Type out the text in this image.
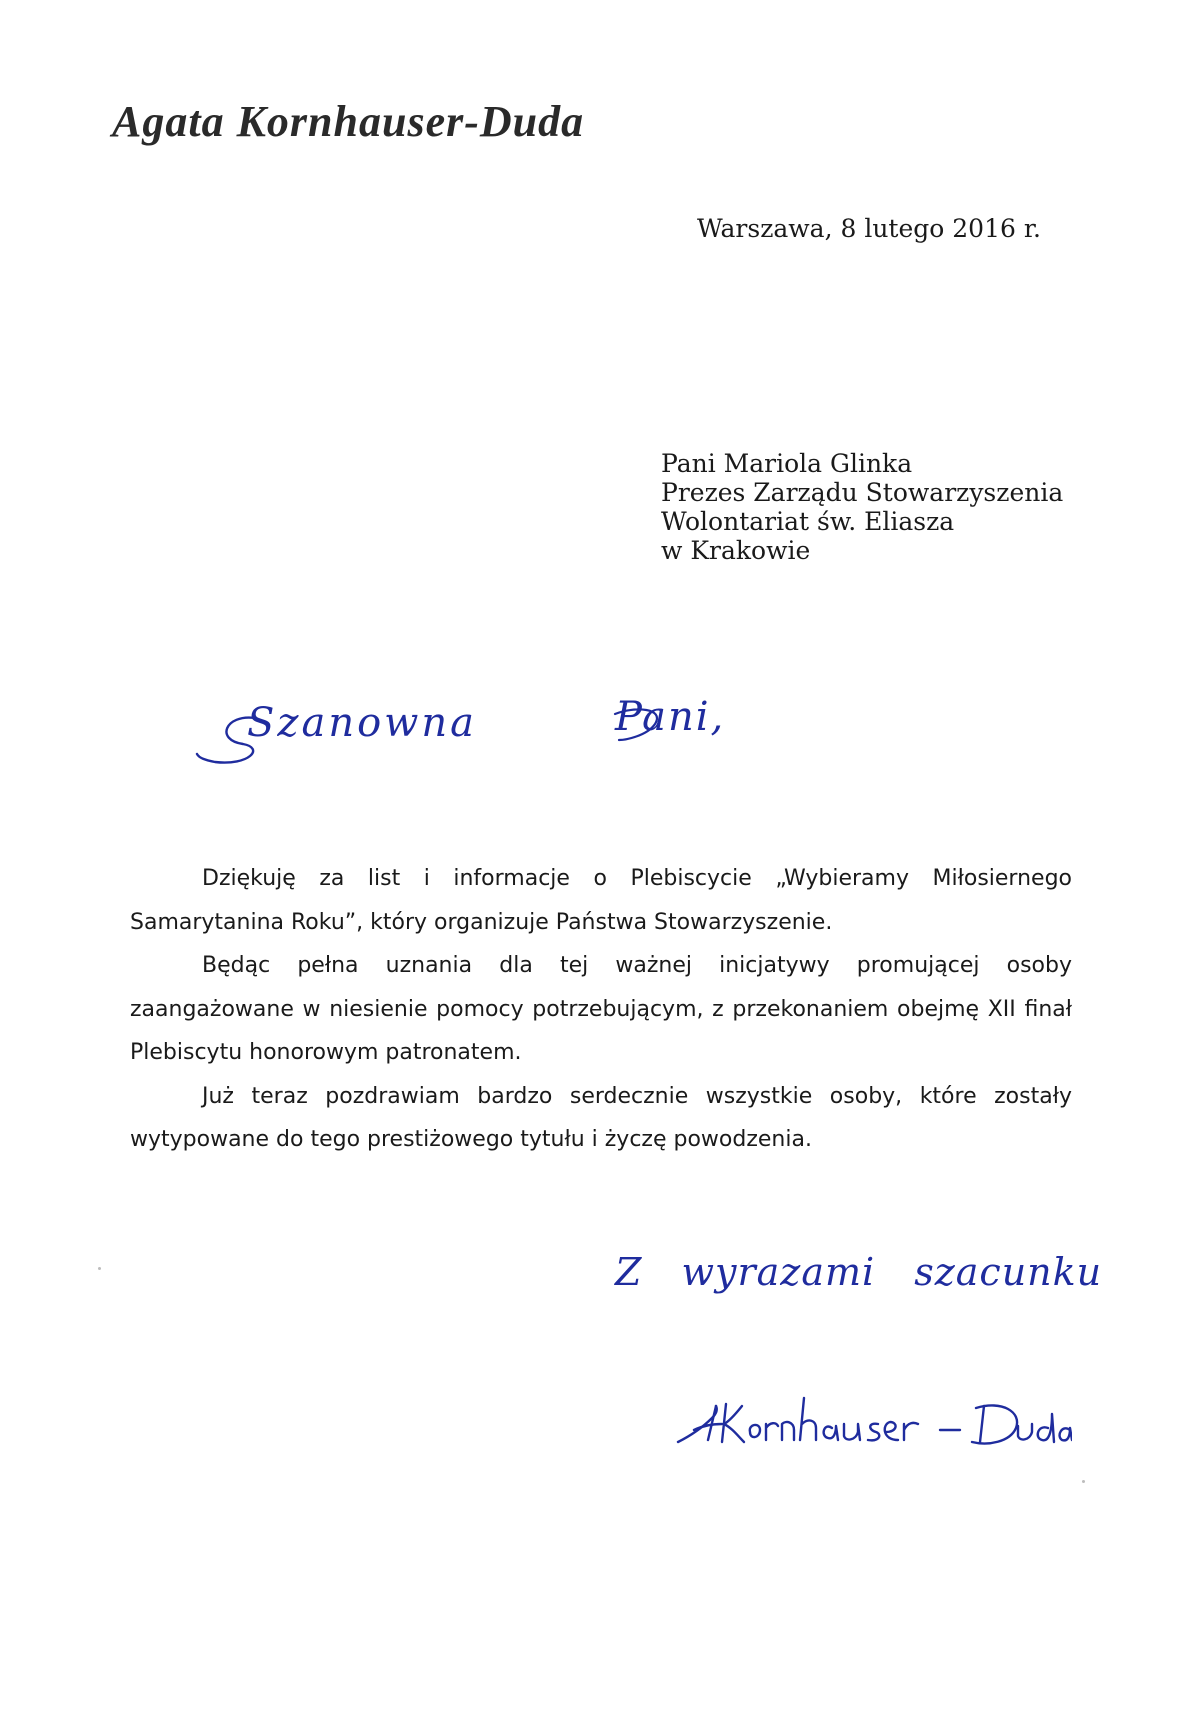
Agata Kornhauser-Duda

Warszawa, 8 lutego 2016 r.

Pani Mariola Glinka
Prezes Zarządu Stowarzyszenia
Wolontariat św. Eliasza
w Krakowie
Szanowna	Pani,

Dziękuję za list i informacje o Plebiscycie „Wybieramy Miłosiernego Samarytanina Roku”, który organizuje Państwa Stowarzyszenie.

Będąc pełna uznania dla tej ważnej inicjatywy promującej osoby zaangażowane w niesienie pomocy potrzebującym, z przekonaniem obejmę XII finał Plebiscytu honorowym patronatem.

Już teraz pozdrawiam bardzo serdecznie wszystkie osoby, które zostały wytypowane do tego prestiżowego tytułu i życzę powodzenia.

Z wyrazami szacunku
